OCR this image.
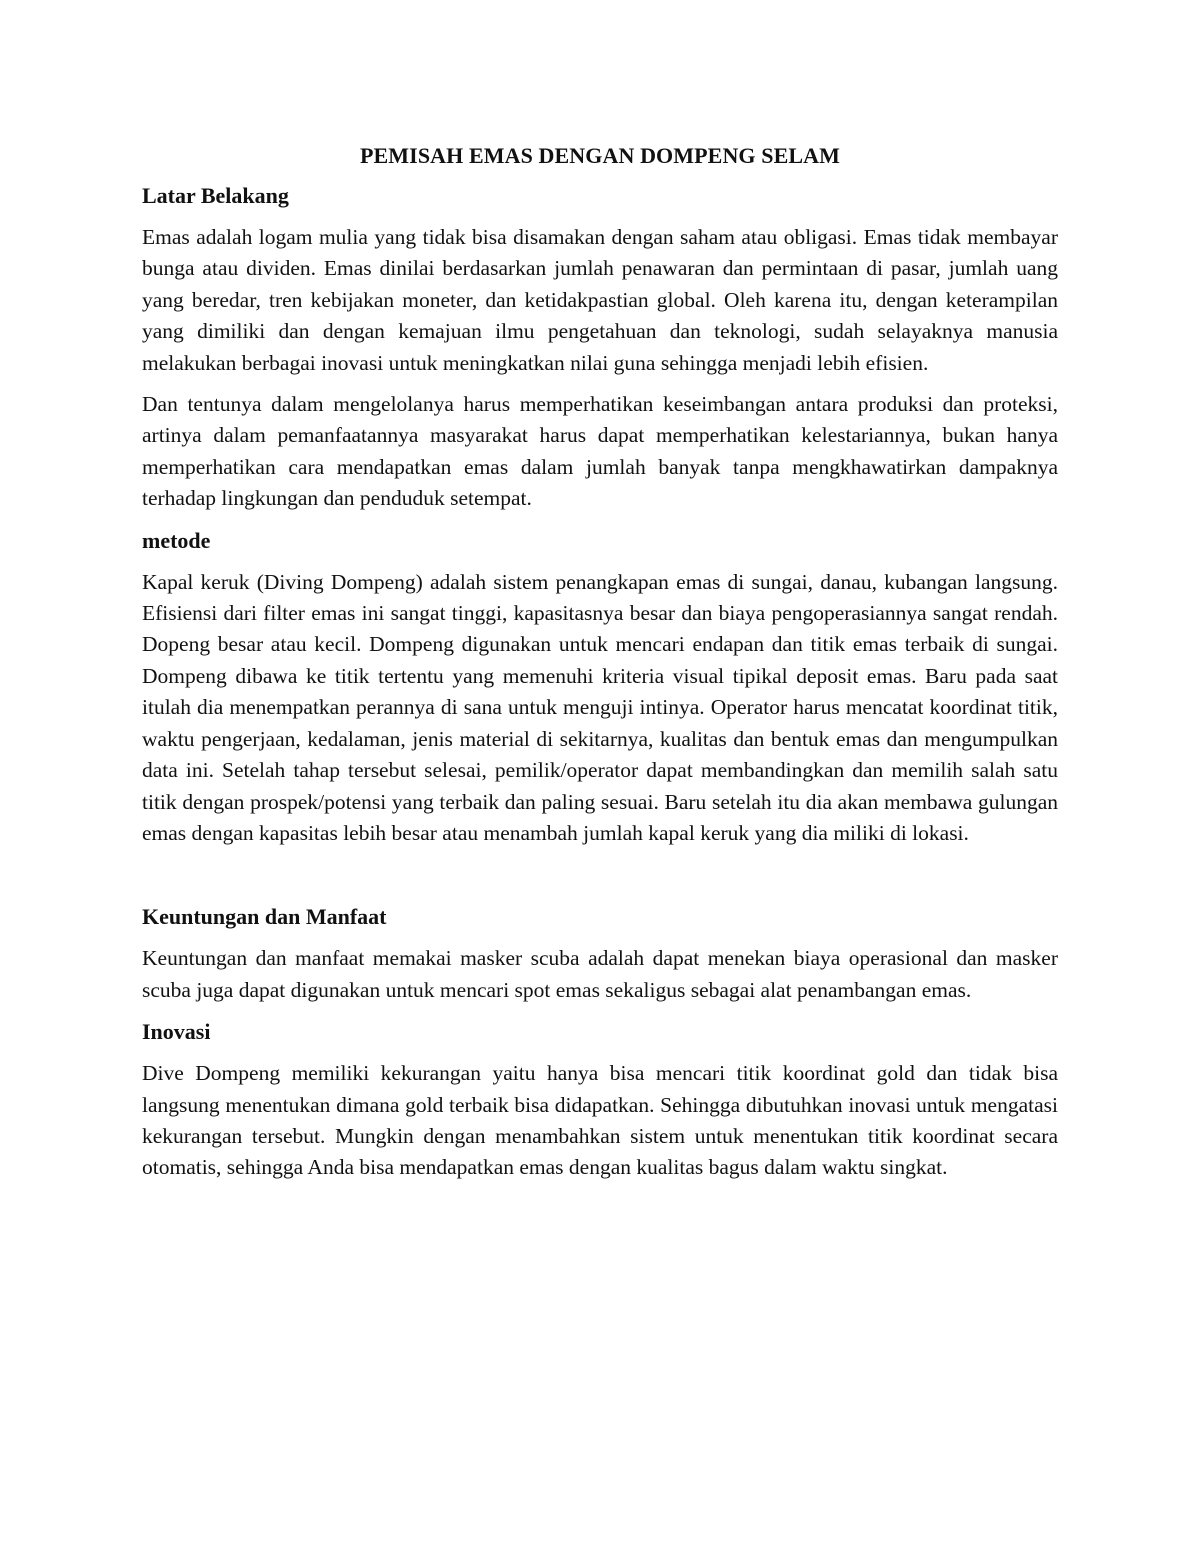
PEMISAH EMAS DENGAN DOMPENG SELAM
Latar Belakang

Emas adalah logam mulia yang tidak bisa disamakan dengan saham atau obligasi. Emas tidak membayar bunga atau dividen. Emas dinilai berdasarkan jumlah penawaran dan permintaan di pasar, jumlah uang yang beredar, tren kebijakan moneter, dan ketidakpastian global. Oleh karena itu, dengan keterampilan yang dimiliki dan dengan kemajuan ilmu pengetahuan dan teknologi, sudah selayaknya manusia melakukan berbagai inovasi untuk meningkatkan nilai guna sehingga menjadi lebih efisien.

Dan tentunya dalam mengelolanya harus memperhatikan keseimbangan antara produksi dan proteksi, artinya dalam pemanfaatannya masyarakat harus dapat memperhatikan kelestariannya, bukan hanya memperhatikan cara mendapatkan emas dalam jumlah banyak tanpa mengkhawatirkan dampaknya terhadap lingkungan dan penduduk setempat.

metode

Kapal keruk (Diving Dompeng) adalah sistem penangkapan emas di sungai, danau, kubangan langsung. Efisiensi dari filter emas ini sangat tinggi, kapasitasnya besar dan biaya pengoperasiannya sangat rendah. Dopeng besar atau kecil. Dompeng digunakan untuk mencari endapan dan titik emas terbaik di sungai. Dompeng dibawa ke titik tertentu yang memenuhi kriteria visual tipikal deposit emas. Baru pada saat itulah dia menempatkan perannya di sana untuk menguji intinya. Operator harus mencatat koordinat titik, waktu pengerjaan, kedalaman, jenis material di sekitarnya, kualitas dan bentuk emas dan mengumpulkan data ini. Setelah tahap tersebut selesai, pemilik/operator dapat membandingkan dan memilih salah satu titik dengan prospek/potensi yang terbaik dan paling sesuai. Baru setelah itu dia akan membawa gulungan emas dengan kapasitas lebih besar atau menambah jumlah kapal keruk yang dia miliki di lokasi.

Keuntungan dan Manfaat

Keuntungan dan manfaat memakai masker scuba adalah dapat menekan biaya operasional dan masker scuba juga dapat digunakan untuk mencari spot emas sekaligus sebagai alat penambangan emas.

Inovasi

Dive Dompeng memiliki kekurangan yaitu hanya bisa mencari titik koordinat gold dan tidak bisa langsung menentukan dimana gold terbaik bisa didapatkan. Sehingga dibutuhkan inovasi untuk mengatasi kekurangan tersebut. Mungkin dengan menambahkan sistem untuk menentukan titik koordinat secara otomatis, sehingga Anda bisa mendapatkan emas dengan kualitas bagus dalam waktu singkat.
